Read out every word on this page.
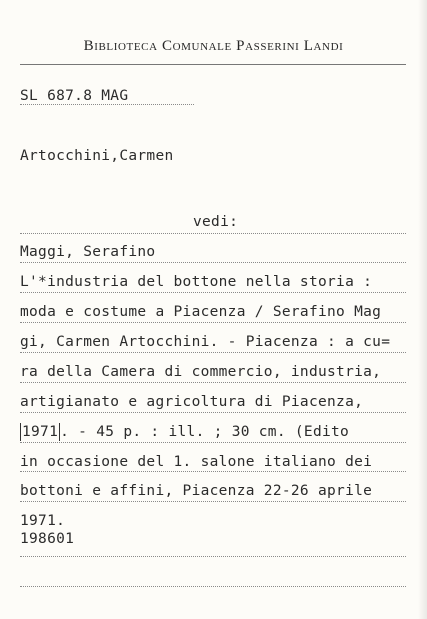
Biblioteca Comunale Passerini Landi
SL 687.8 MAG
Artocchini,Carmen
vedi:
Maggi, Serafino
L'*industria del bottone nella storia :
moda e costume a Piacenza / Serafino Mag
gi, Carmen Artocchini. - Piacenza : a cu=
ra della Camera di commercio, industria,
artigianato e agricoltura di Piacenza,
1971 . - 45 p. : ill. ; 30 cm. (Edito
in occasione del 1. salone italiano dei
bottoni e affini, Piacenza 22-26 aprile
1971.
198601
